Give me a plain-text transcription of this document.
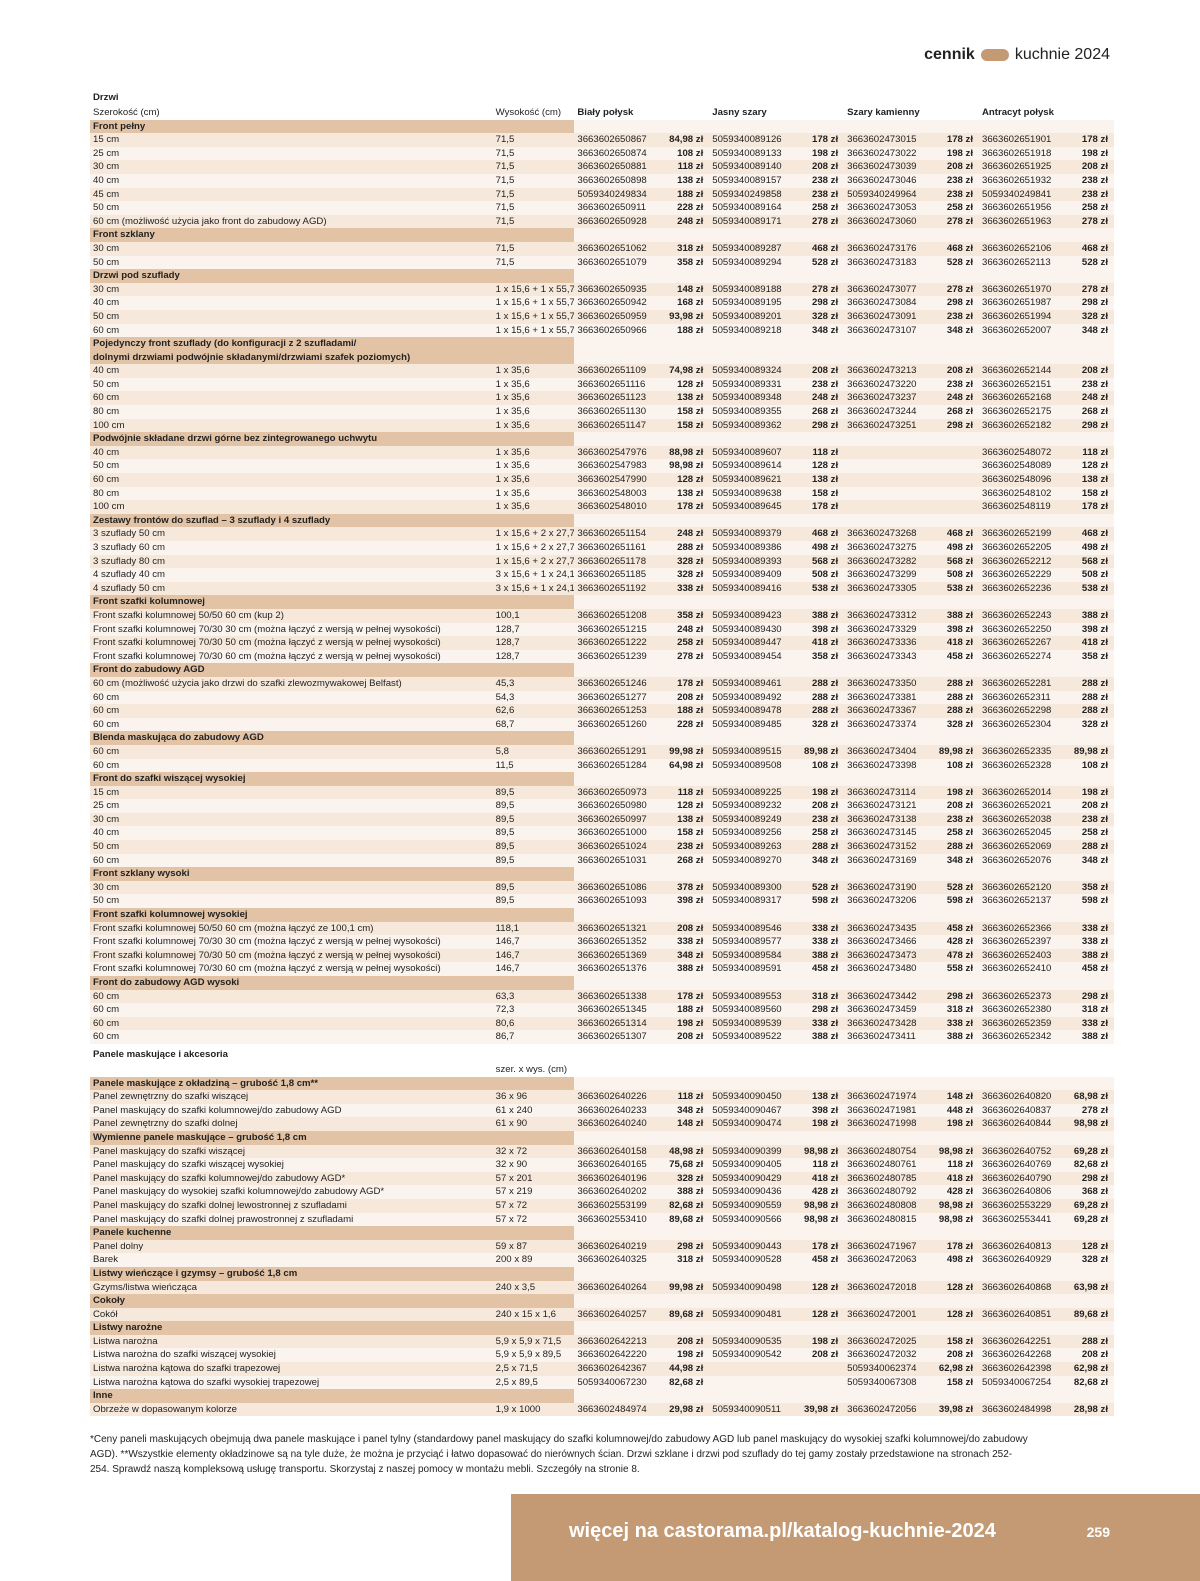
cennik	kuchnie 2024
Drzwi									
Szerokość (cm)	Wysokość (cm)	Biały połysk		Jasny szary		Szary kamienny		Antracyt połysk	
Front pełny									
15 cm	71,5	3663602650867	84,98 zł	5059340089126	178 zł	3663602473015	178 zł	3663602651901	178 zł
25 cm	71,5	3663602650874	108 zł	5059340089133	198 zł	3663602473022	198 zł	3663602651918	198 zł
30 cm	71,5	3663602650881	118 zł	5059340089140	208 zł	3663602473039	208 zł	3663602651925	208 zł
40 cm	71,5	3663602650898	138 zł	5059340089157	238 zł	3663602473046	238 zł	3663602651932	238 zł
45 cm	71,5	5059340249834	188 zł	5059340249858	238 zł	5059340249964	238 zł	5059340249841	238 zł
50 cm	71,5	3663602650911	228 zł	5059340089164	258 zł	3663602473053	258 zł	3663602651956	258 zł
60 cm (możliwość użycia jako front do zabudowy AGD)	71,5	3663602650928	248 zł	5059340089171	278 zł	3663602473060	278 zł	3663602651963	278 zł
Front szklany									
30 cm	71,5	3663602651062	318 zł	5059340089287	468 zł	3663602473176	468 zł	3663602652106	468 zł
50 cm	71,5	3663602651079	358 zł	5059340089294	528 zł	3663602473183	528 zł	3663602652113	528 zł
Drzwi pod szuflady									
30 cm	1 x 15,6 + 1 x 55,7	3663602650935	148 zł	5059340089188	278 zł	3663602473077	278 zł	3663602651970	278 zł
40 cm	1 x 15,6 + 1 x 55,7	3663602650942	168 zł	5059340089195	298 zł	3663602473084	298 zł	3663602651987	298 zł
50 cm	1 x 15,6 + 1 x 55,7	3663602650959	93,98 zł	5059340089201	328 zł	3663602473091	238 zł	3663602651994	328 zł
60 cm	1 x 15,6 + 1 x 55,7	3663602650966	188 zł	5059340089218	348 zł	3663602473107	348 zł	3663602652007	348 zł
Pojedynczy front szuflady (do konfiguracji z 2 szufladami/									
dolnymi drzwiami podwójnie składanymi/drzwiami szafek poziomych)									
40 cm	1 x 35,6	3663602651109	74,98 zł	5059340089324	208 zł	3663602473213	208 zł	3663602652144	208 zł
50 cm	1 x 35,6	3663602651116	128 zł	5059340089331	238 zł	3663602473220	238 zł	3663602652151	238 zł
60 cm	1 x 35,6	3663602651123	138 zł	5059340089348	248 zł	3663602473237	248 zł	3663602652168	248 zł
80 cm	1 x 35,6	3663602651130	158 zł	5059340089355	268 zł	3663602473244	268 zł	3663602652175	268 zł
100 cm	1 x 35,6	3663602651147	158 zł	5059340089362	298 zł	3663602473251	298 zł	3663602652182	298 zł
Podwójnie składane drzwi górne bez zintegrowanego uchwytu									
40 cm	1 x 35,6	3663602547976	88,98 zł	5059340089607	118 zł			3663602548072	118 zł
50 cm	1 x 35,6	3663602547983	98,98 zł	5059340089614	128 zł			3663602548089	128 zł
60 cm	1 x 35,6	3663602547990	128 zł	5059340089621	138 zł			3663602548096	138 zł
80 cm	1 x 35,6	3663602548003	138 zł	5059340089638	158 zł			3663602548102	158 zł
100 cm	1 x 35,6	3663602548010	178 zł	5059340089645	178 zł			3663602548119	178 zł
Zestawy frontów do szuflad – 3 szuflady i 4 szuflady									
3 szuflady 50 cm	1 x 15,6 + 2 x 27,7	3663602651154	248 zł	5059340089379	468 zł	3663602473268	468 zł	3663602652199	468 zł
3 szuflady 60 cm	1 x 15,6 + 2 x 27,7	3663602651161	288 zł	5059340089386	498 zł	3663602473275	498 zł	3663602652205	498 zł
3 szuflady 80 cm	1 x 15,6 + 2 x 27,7	3663602651178	328 zł	5059340089393	568 zł	3663602473282	568 zł	3663602652212	568 zł
4 szuflady 40 cm	3 x 15,6 + 1 x 24,1	3663602651185	328 zł	5059340089409	508 zł	3663602473299	508 zł	3663602652229	508 zł
4 szuflady 50 cm	3 x 15,6 + 1 x 24,1	3663602651192	338 zł	5059340089416	538 zł	3663602473305	538 zł	3663602652236	538 zł
Front szafki kolumnowej									
Front szafki kolumnowej 50/50 60 cm (kup 2)	100,1	3663602651208	358 zł	5059340089423	388 zł	3663602473312	388 zł	3663602652243	388 zł
Front szafki kolumnowej 70/30 30 cm (można łączyć z wersją w pełnej wysokości)	128,7	3663602651215	248 zł	5059340089430	398 zł	3663602473329	398 zł	3663602652250	398 zł
Front szafki kolumnowej 70/30 50 cm (można łączyć z wersją w pełnej wysokości)	128,7	3663602651222	258 zł	5059340089447	418 zł	3663602473336	418 zł	3663602652267	418 zł
Front szafki kolumnowej 70/30 60 cm (można łączyć z wersją w pełnej wysokości)	128,7	3663602651239	278 zł	5059340089454	358 zł	3663602473343	458 zł	3663602652274	358 zł
Front do zabudowy AGD									
60 cm (możliwość użycia jako drzwi do szafki zlewozmywakowej Belfast)	45,3	3663602651246	178 zł	5059340089461	288 zł	3663602473350	288 zł	3663602652281	288 zł
60 cm	54,3	3663602651277	208 zł	5059340089492	288 zł	3663602473381	288 zł	3663602652311	288 zł
60 cm	62,6	3663602651253	188 zł	5059340089478	288 zł	3663602473367	288 zł	3663602652298	288 zł
60 cm	68,7	3663602651260	228 zł	5059340089485	328 zł	3663602473374	328 zł	3663602652304	328 zł
Blenda maskująca do zabudowy AGD									
60 cm	5,8	3663602651291	99,98 zł	5059340089515	89,98 zł	3663602473404	89,98 zł	3663602652335	89,98 zł
60 cm	11,5	3663602651284	64,98 zł	5059340089508	108 zł	3663602473398	108 zł	3663602652328	108 zł
Front do szafki wiszącej wysokiej									
15 cm	89,5	3663602650973	118 zł	5059340089225	198 zł	3663602473114	198 zł	3663602652014	198 zł
25 cm	89,5	3663602650980	128 zł	5059340089232	208 zł	3663602473121	208 zł	3663602652021	208 zł
30 cm	89,5	3663602650997	138 zł	5059340089249	238 zł	3663602473138	238 zł	3663602652038	238 zł
40 cm	89,5	3663602651000	158 zł	5059340089256	258 zł	3663602473145	258 zł	3663602652045	258 zł
50 cm	89,5	3663602651024	238 zł	5059340089263	288 zł	3663602473152	288 zł	3663602652069	288 zł
60 cm	89,5	3663602651031	268 zł	5059340089270	348 zł	3663602473169	348 zł	3663602652076	348 zł
Front szklany wysoki									
30 cm	89,5	3663602651086	378 zł	5059340089300	528 zł	3663602473190	528 zł	3663602652120	358 zł
50 cm	89,5	3663602651093	398 zł	5059340089317	598 zł	3663602473206	598 zł	3663602652137	598 zł
Front szafki kolumnowej wysokiej									
Front szafki kolumnowej 50/50 60 cm (można łączyć ze 100,1 cm)	118,1	3663602651321	208 zł	5059340089546	338 zł	3663602473435	458 zł	3663602652366	338 zł
Front szafki kolumnowej 70/30 30 cm (można łączyć z wersją w pełnej wysokości)	146,7	3663602651352	338 zł	5059340089577	338 zł	3663602473466	428 zł	3663602652397	338 zł
Front szafki kolumnowej 70/30 50 cm (można łączyć z wersją w pełnej wysokości)	146,7	3663602651369	348 zł	5059340089584	388 zł	3663602473473	478 zł	3663602652403	388 zł
Front szafki kolumnowej 70/30 60 cm (można łączyć z wersją w pełnej wysokości)	146,7	3663602651376	388 zł	5059340089591	458 zł	3663602473480	558 zł	3663602652410	458 zł
Front do zabudowy AGD wysoki									
60 cm	63,3	3663602651338	178 zł	5059340089553	318 zł	3663602473442	298 zł	3663602652373	298 zł
60 cm	72,3	3663602651345	188 zł	5059340089560	298 zł	3663602473459	318 zł	3663602652380	318 zł
60 cm	80,6	3663602651314	198 zł	5059340089539	338 zł	3663602473428	338 zł	3663602652359	338 zł
60 cm	86,7	3663602651307	208 zł	5059340089522	388 zł	3663602473411	388 zł	3663602652342	388 zł
Panele maskujące i akcesoria									
	szer. x wys. (cm)								
Panele maskujące z okładziną – grubość 1,8 cm**									
Panel zewnętrzny do szafki wiszącej	36 x 96	3663602640226	118 zł	5059340090450	138 zł	3663602471974	148 zł	3663602640820	68,98 zł
Panel maskujący do szafki kolumnowej/do zabudowy AGD	61 x 240	3663602640233	348 zł	5059340090467	398 zł	3663602471981	448 zł	3663602640837	278 zł
Panel zewnętrzny do szafki dolnej	61 x 90	3663602640240	148 zł	5059340090474	198 zł	3663602471998	198 zł	3663602640844	98,98 zł
Wymienne panele maskujące – grubość 1,8 cm									
Panel maskujący do szafki wiszącej	32 x 72	3663602640158	48,98 zł	5059340090399	98,98 zł	3663602480754	98,98 zł	3663602640752	69,28 zł
Panel maskujący do szafki wiszącej wysokiej	32 x 90	3663602640165	75,68 zł	5059340090405	118 zł	3663602480761	118 zł	3663602640769	82,68 zł
Panel maskujący do szafki kolumnowej/do zabudowy AGD*	57 x 201	3663602640196	328 zł	5059340090429	418 zł	3663602480785	418 zł	3663602640790	298 zł
Panel maskujący do wysokiej szafki kolumnowej/do zabudowy AGD*	57 x 219	3663602640202	388 zł	5059340090436	428 zł	3663602480792	428 zł	3663602640806	368 zł
Panel maskujący do szafki dolnej lewostronnej z szufladami	57 x 72	3663602553199	82,68 zł	5059340090559	98,98 zł	3663602480808	98,98 zł	3663602553229	69,28 zł
Panel maskujący do szafki dolnej prawostronnej z szufladami	57 x 72	3663602553410	89,68 zł	5059340090566	98,98 zł	3663602480815	98,98 zł	3663602553441	69,28 zł
Panele kuchenne									
Panel dolny	59 x 87	3663602640219	298 zł	5059340090443	178 zł	3663602471967	178 zł	3663602640813	128 zł
Barek	200 x 89	3663602640325	318 zł	5059340090528	458 zł	3663602472063	498 zł	3663602640929	328 zł
Listwy wieńczące i gzymsy – grubość 1,8 cm									
Gzyms/listwa wieńcząca	240 x 3,5	3663602640264	99,98 zł	5059340090498	128 zł	3663602472018	128 zł	3663602640868	63,98 zł
Cokoły									
Cokół	240 x 15 x 1,6	3663602640257	89,68 zł	5059340090481	128 zł	3663602472001	128 zł	3663602640851	89,68 zł
Listwy narożne									
Listwa narożna	5,9 x 5,9 x 71,5	3663602642213	208 zł	5059340090535	198 zł	3663602472025	158 zł	3663602642251	288 zł
Listwa narożna do szafki wiszącej wysokiej	5,9 x 5,9 x 89,5	3663602642220	198 zł	5059340090542	208 zł	3663602472032	208 zł	3663602642268	208 zł
Listwa narożna kątowa do szafki trapezowej	2,5 x 71,5	3663602642367	44,98 zł			5059340062374	62,98 zł	3663602642398	62,98 zł
Listwa narożna kątowa do szafki wysokiej trapezowej	2,5 x 89,5	5059340067230	82,68 zł			5059340067308	158 zł	5059340067254	82,68 zł
Inne									
Obrzeże w dopasowanym kolorze	1,9 x 1000	3663602484974	29,98 zł	5059340090511	39,98 zł	3663602472056	39,98 zł	3663602484998	28,98 zł
*Ceny paneli maskujących obejmują dwa panele maskujące i panel tylny (standardowy panel maskujący do szafki kolumnowej/do zabudowy AGD lub panel maskujący do wysokiej szafki kolumnowej/do zabudowy AGD). **Wszystkie elementy okładzinowe są na tyle duże, że można je przyciąć i łatwo dopasować do nierównych ścian. Drzwi szklane i drzwi pod szuflady do tej gamy zostały przedstawione na stronach 252-254. Sprawdź naszą kompleksową usługę transportu. Skorzystaj z naszej pomocy w montażu mebli. Szczegóły na stronie 8.
więcej na castorama.pl/katalog-kuchnie-2024	259
